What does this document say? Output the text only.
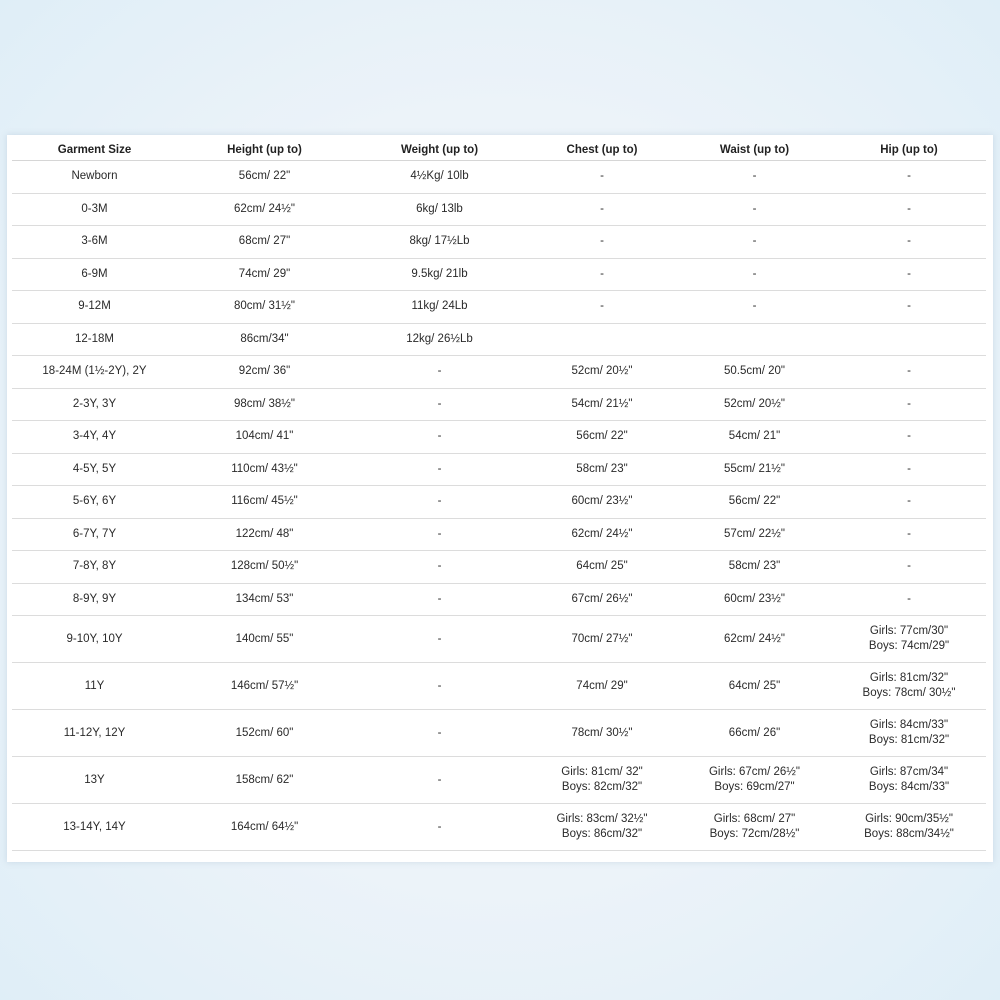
Garment Size	Height (up to)	Weight (up to)	Chest (up to)	Waist (up to)	Hip (up to)
Newborn	56cm/ 22"	4½Kg/ 10lb	-	-	-
0-3M	62cm/ 24½"	6kg/ 13lb	-	-	-
3-6M	68cm/ 27"	8kg/ 17½Lb	-	-	-
6-9M	74cm/ 29"	9.5kg/ 21lb	-	-	-
9-12M	80cm/ 31½"	11kg/ 24Lb	-	-	-
12-18M	86cm/34"	12kg/ 26½Lb			
18-24M (1½-2Y), 2Y	92cm/ 36"	-	52cm/ 20½"	50.5cm/ 20"	-
2-3Y, 3Y	98cm/ 38½"	-	54cm/ 21½"	52cm/ 20½"	-
3-4Y, 4Y	104cm/ 41"	-	56cm/ 22"	54cm/ 21"	-
4-5Y, 5Y	110cm/ 43½"	-	58cm/ 23"	55cm/ 21½"	-
5-6Y, 6Y	116cm/ 45½"	-	60cm/ 23½"	56cm/ 22"	-
6-7Y, 7Y	122cm/ 48"	-	62cm/ 24½"	57cm/ 22½"	-
7-8Y, 8Y	128cm/ 50½"	-	64cm/ 25"	58cm/ 23"	-
8-9Y, 9Y	134cm/ 53"	-	67cm/ 26½"	60cm/ 23½"	-
9-10Y, 10Y	140cm/ 55"	-	70cm/ 27½"	62cm/ 24½"	Girls: 77cm/30"
Boys: 74cm/29"

11Y	146cm/ 57½"	-	74cm/ 29"	64cm/ 25"	Girls: 81cm/32"
Boys: 78cm/ 30½"

11-12Y, 12Y	152cm/ 60"	-	78cm/ 30½"	66cm/ 26"	Girls: 84cm/33"
Boys: 81cm/32"

13Y	158cm/ 62"	-	Girls: 81cm/ 32"
Boys: 82cm/32"	Girls: 67cm/ 26½"
Boys: 69cm/27"	Girls: 87cm/34"
Boys: 84cm/33"

13-14Y, 14Y	164cm/ 64½"	-	Girls: 83cm/ 32½"
Boys: 86cm/32"	Girls: 68cm/ 27"
Boys: 72cm/28½"	Girls: 90cm/35½"
Boys: 88cm/34½"
